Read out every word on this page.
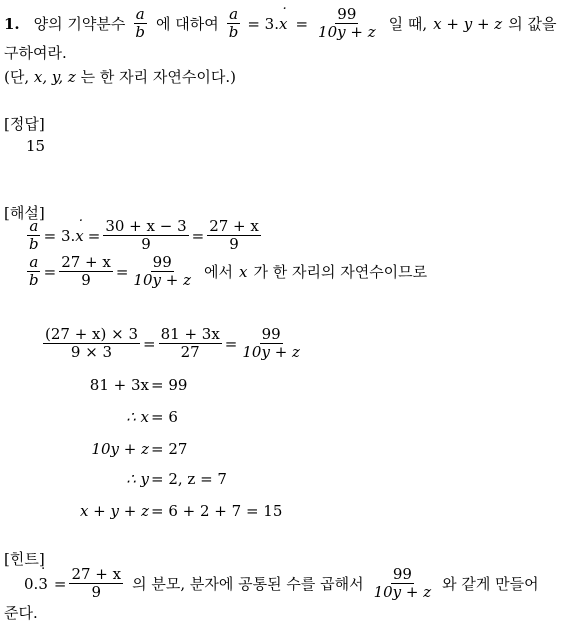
1. 양의 기약분수 $\frac{a}{b}$ 에 대하여 $\frac{a}{b} = 3$. x ˙ = $\frac{99}{10y + z}$ 일 때, x + y + z 의 값을
구하여라.
(단, x, y, z 는 한 자리 자연수이다.)
[정답]
15
[해설]
$\frac{a}{b} = 3$. x ˙ = $\frac{30 + x - 3}{9} = \frac{27 + x}{9}$
$\frac{a}{b} = \frac{27 + x}{9} = \frac{99}{10y + z}$ 에서 x 가 한 자리의 자연수이므로
$\frac{(27 + x) \times 3}{9 \times 3} = \frac{81 + 3x}{27} = \frac{99}{10y + z}$
81 + 3x = 99
∴ x = 6
10y + z = 27
∴ y = 2, z = 7
x + y + z = 6 + 2 + 7 = 15
[힌트]
0. 3 ˙ = $\frac{27 + x}{9}$ 의 분모, 분자에 공통된 수를 곱해서 $\frac{99}{10y + z}$ 와 같게 만들어
준다.
